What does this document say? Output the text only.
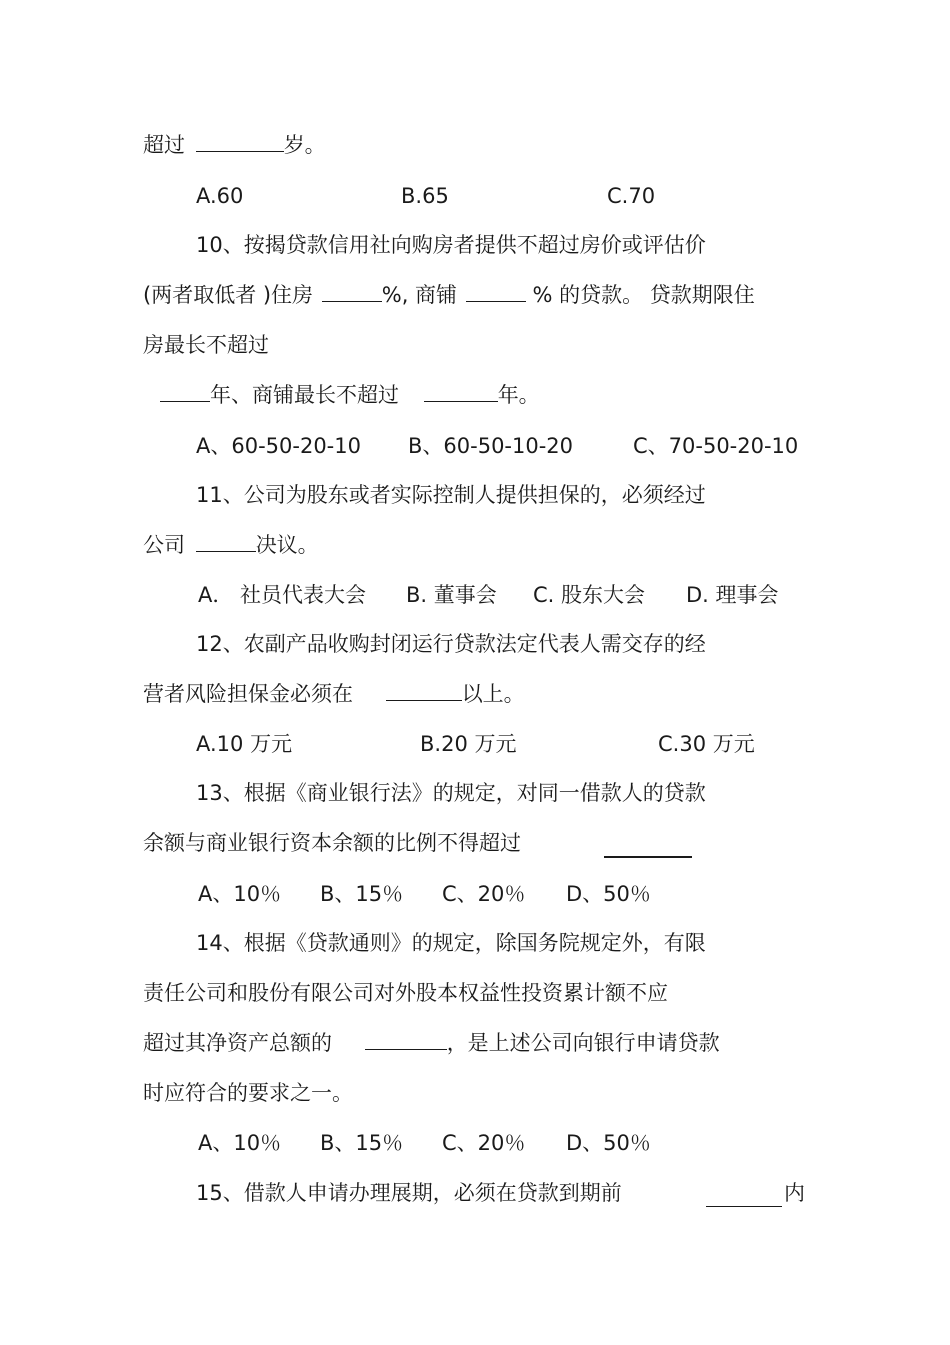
超过	岁。
A.60	B.65	C.70
10、按揭贷款信用社向购房者提供不超过房价或评估价
(两者取低者 )住房	%, 商铺	% 的贷款。 贷款期限住
房最长不超过
年、商铺最长不超过	年。
A、60-50-20-10 B、60-50-10-20	C、70-50-20-10
11、公司为股东或者实际控制人提供担保的，必须经过
公司	决议。
A． 社员代表大会 B. 董事会 C. 股东大会 D. 理事会
12、农副产品收购封闭运行贷款法定代表人需交存的经
营者风险担保金必须在	以上。
A.10 万元	B.20 万元	C.30 万元
13、根据《商业银行法》的规定，对同一借款人的贷款
余额与商业银行资本余额的比例不得超过
A、10％ B、15％ C、20％ D、50％
14、根据《贷款通则》的规定，除国务院规定外，有限
责任公司和股份有限公司对外股本权益性投资累计额不应
超过其净资产总额的	，是上述公司向银行申请贷款
时应符合的要求之一。
A、10％ B、15％ C、20％ D、50％
15、借款人申请办理展期，必须在贷款到期前	内
